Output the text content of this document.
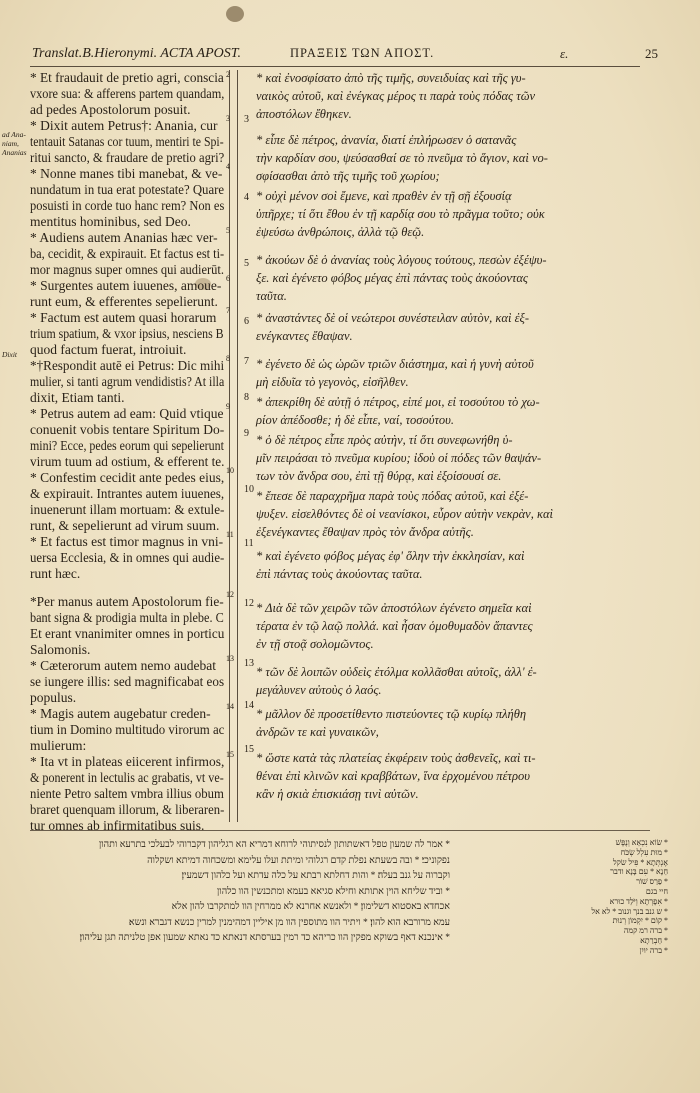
Translat.B.Hieronymi. ACTA APOST.	ΠΡΑΞΕΙΣ ΤΩΝ ΑΠΟΣΤ.	ε.	25
ad Ana-
niam,
Ananias
Dixit
* Et fraudauit de pretio agri, conscia
vxore sua: & afferens partem quandam,
ad pedes Apostolorum posuit.
* Dixit autem Petrus†: Anania, cur
tentauit Satanas cor tuum, mentiri te Spi-
ritui sancto, & fraudare de pretio agri?
* Nonne manes tibi manebat, & ve-
nundatum in tua erat potestate? Quare
posuisti in corde tuo hanc rem? Non es
mentitus hominibus, sed Deo.
* Audiens autem Ananias hæc ver-
ba, cecidit, & expirauit. Et factus est ti-
mor magnus super omnes qui audierūt.
* Surgentes autem iuuenes, amoue-
runt eum, & efferentes sepelierunt.
* Factum est autem quasi horarum
trium spatium, & vxor ipsius, nesciens B
quod factum fuerat, introiuit.
*†Respondit autē ei Petrus: Dic mihi
mulier, si tanti agrum vendidistis? At illa
dixit, Etiam tanti.
* Petrus autem ad eam: Quid vtique
conuenit vobis tentare Spiritum Do-
mini? Ecce, pedes eorum qui sepelierunt
virum tuum ad ostium, & efferent te.
* Confestim cecidit ante pedes eius,
& expirauit. Intrantes autem iuuenes,
inuenerunt illam mortuam: & extule-
runt, & sepelierunt ad virum suum.
* Et factus est timor magnus in vni-
uersa Ecclesia, & in omnes qui audie-
runt hæc.
*Per manus autem Apostolorum fie-
bant signa & prodigia multa in plebe. C
Et erant vnanimiter omnes in porticu
Salomonis.
* Cæterorum autem nemo audebat
se iungere illis: sed magnificabat eos
populus.
* Magis autem augebatur creden-
tium in Domino multitudo virorum ac
mulierum:
* Ita vt in plateas eiicerent infirmos,
& ponerent in lectulis ac grabatis, vt ve-
niente Petro saltem vmbra illius obum
braret quenquam illorum, & liberaren-
tur omnes ab infirmitatibus suis.
2
3
4
5
6
7
8
9
10
11
12
13
14
15
3
4
5
6
7
8
9
10
11
12
13
14
15
* καὶ ἐνοσφίσατο ἀπὸ τῆς τιμῆς, συνειδυίας καὶ τῆς γυ-
ναικὸς αὐτοῦ, καὶ ἐνέγκας μέρος τι παρὰ τοὺς πόδας τῶν
ἀποστόλων ἔθηκεν.
* εἶπε δὲ πέτρος, ἀνανία, διατί ἐπλήρωσεν ὁ σατανᾶς
τὴν καρδίαν σου, ψεύσασθαί σε τὸ πνεῦμα τὸ ἅγιον, καὶ νο-
σφίσασθαι ἀπὸ τῆς τιμῆς τοῦ χωρίου;
* οὐχὶ μένον σοὶ ἔμενε, καὶ πραθὲν ἐν τῇ σῇ ἐξουσίᾳ
ὑπῆρχε; τί ὅτι ἔθου ἐν τῇ καρδίᾳ σου τὸ πρᾶγμα τοῦτο; οὐκ
ἐψεύσω ἀνθρώποις, ἀλλὰ τῷ θεῷ.
* ἀκούων δὲ ὁ ἀνανίας τοὺς λόγους τούτους, πεσὼν ἐξέψυ-
ξε. καὶ ἐγένετο φόβος μέγας ἐπὶ πάντας τοὺς ἀκούοντας
ταῦτα.
* ἀναστάντες δὲ οἱ νεώτεροι συνέστειλαν αὐτὸν, καὶ ἐξ-
ενέγκαντες ἔθαψαν.
* ἐγένετο δὲ ὡς ὡρῶν τριῶν διάστημα, καὶ ἡ γυνὴ αὐτοῦ
μὴ εἰδυῖα τὸ γεγονὸς, εἰσῆλθεν.
* ἀπεκρίθη δὲ αὐτῇ ὁ πέτρος, εἰπέ μοι, εἰ τοσούτου τὸ χω-
ρίον ἀπέδοσθε; ἡ δὲ εἶπε, ναί, τοσούτου.
* ὁ δὲ πέτρος εἶπε πρὸς αὐτὴν, τί ὅτι συνεφωνήθη ὑ-
μῖν πειράσαι τὸ πνεῦμα κυρίου; ἰδοὺ οἱ πόδες τῶν θαψάν-
των τὸν ἄνδρα σου, ἐπὶ τῇ θύρᾳ, καὶ ἐξοίσουσί σε.
* ἔπεσε δὲ παραχρῆμα παρὰ τοὺς πόδας αὐτοῦ, καὶ ἐξέ-
ψυξεν. εἰσελθόντες δὲ οἱ νεανίσκοι, εὗρον αὐτὴν νεκρὰν, καὶ
ἐξενέγκαντες ἔθαψαν πρὸς τὸν ἄνδρα αὐτῆς.
* καὶ ἐγένετο φόβος μέγας ἐφ' ὅλην τὴν ἐκκλησίαν, καὶ
ἐπὶ πάντας τοὺς ἀκούοντας ταῦτα.
* Διὰ δὲ τῶν χειρῶν τῶν ἀποστόλων ἐγένετο σημεῖα καὶ
τέρατα ἐν τῷ λαῷ πολλά. καὶ ἦσαν ὁμοθυμαδὸν ἅπαντες
ἐν τῇ στοᾷ σολομῶντος.
* τῶν δὲ λοιπῶν οὐδεὶς ἐτόλμα κολλᾶσθαι αὐτοῖς, ἀλλ' ἐ-
μεγάλυνεν αὐτοὺς ὁ λαός.
* μᾶλλον δὲ προσετίθεντο πιστεύοντες τῷ κυρίῳ πλήθη
ἀνδρῶν τε καὶ γυναικῶν,
* ὥστε κατὰ τὰς πλατείας ἐκφέρειν τοὺς ἀσθενεῖς, καὶ τι-
θέναι ἐπὶ κλινῶν καὶ κραββάτων, ἵνα ἐρχομένου πέτρου
κἂν ἡ σκιὰ ἐπισκιάσῃ τινὶ αὐτῶν.
* אמר לה שמעון טפל דאשתותון לנסיתוהי לרוחא דמריא הא רגליהון דקברוהי לבעלכי בתרעא ותהון
נפקוניכי׃ * ובה בשעתא נפלת קדם רגלוהי ומיתת ועלו עלימא ומשכחוה דמיתא ושקלוה
וקברוה על גנב בעלה׃ * והות דחלתא רבתא על כלה עדתא ועל כלהון דשמעין׃
* וביד שליחא הוין אתותא וחילא סגיאא בעמא ומתכנשין הוו כלהון
אכחדא באסטוא דשלימון׃ * ולאנשא אחרנא לא ממרחין הוו למתקרבו להון אלא
עמא מרורבא הוא להון׃ * ויתיר הוו מתוספין הוו מן איליין דמהימנין למרין כנשא דגברא ונשא׃
* אינכנא דאף בשוקא מפקין הוו כריהא כד רמין בערסתא דנאתא כד נאתא שמעון אפן טלניתה תגן עליהון׃
* שׂוֹא נִכְאֵא וְנֶפֶּשׁ
* מוּת עִלְל שְׂכֹּח
אֶנְתְּתָא * פִּיל שׂקל
חֵנָא * עִם בָּנָא ודבר
* פַרַס שׁוֹר
חיי בגם
* אִפָרְתָא וְיֹּלֵד כוּרא
* ש גנב בנך וגנוב * לא אל
* קוֹם * יִקְמוֹן רְנוּת
* ברה רמ קמה
* חֵבְרַתָא
* ברה יוּיִן
